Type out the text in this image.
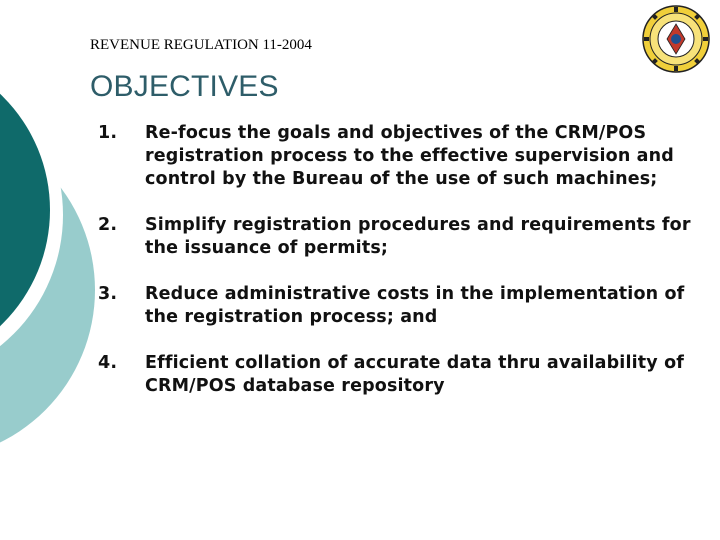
REVENUE REGULATION 11-2004
OBJECTIVES
1. Re-focus the goals and objectives of the CRM/POS registration process to the effective supervision and control by the Bureau of the use of such machines;
2. Simplify registration procedures and requirements for the issuance of permits;
3. Reduce administrative costs in the implementation of the registration process; and
4. Efficient collation of accurate data thru availability of CRM/POS database repository
